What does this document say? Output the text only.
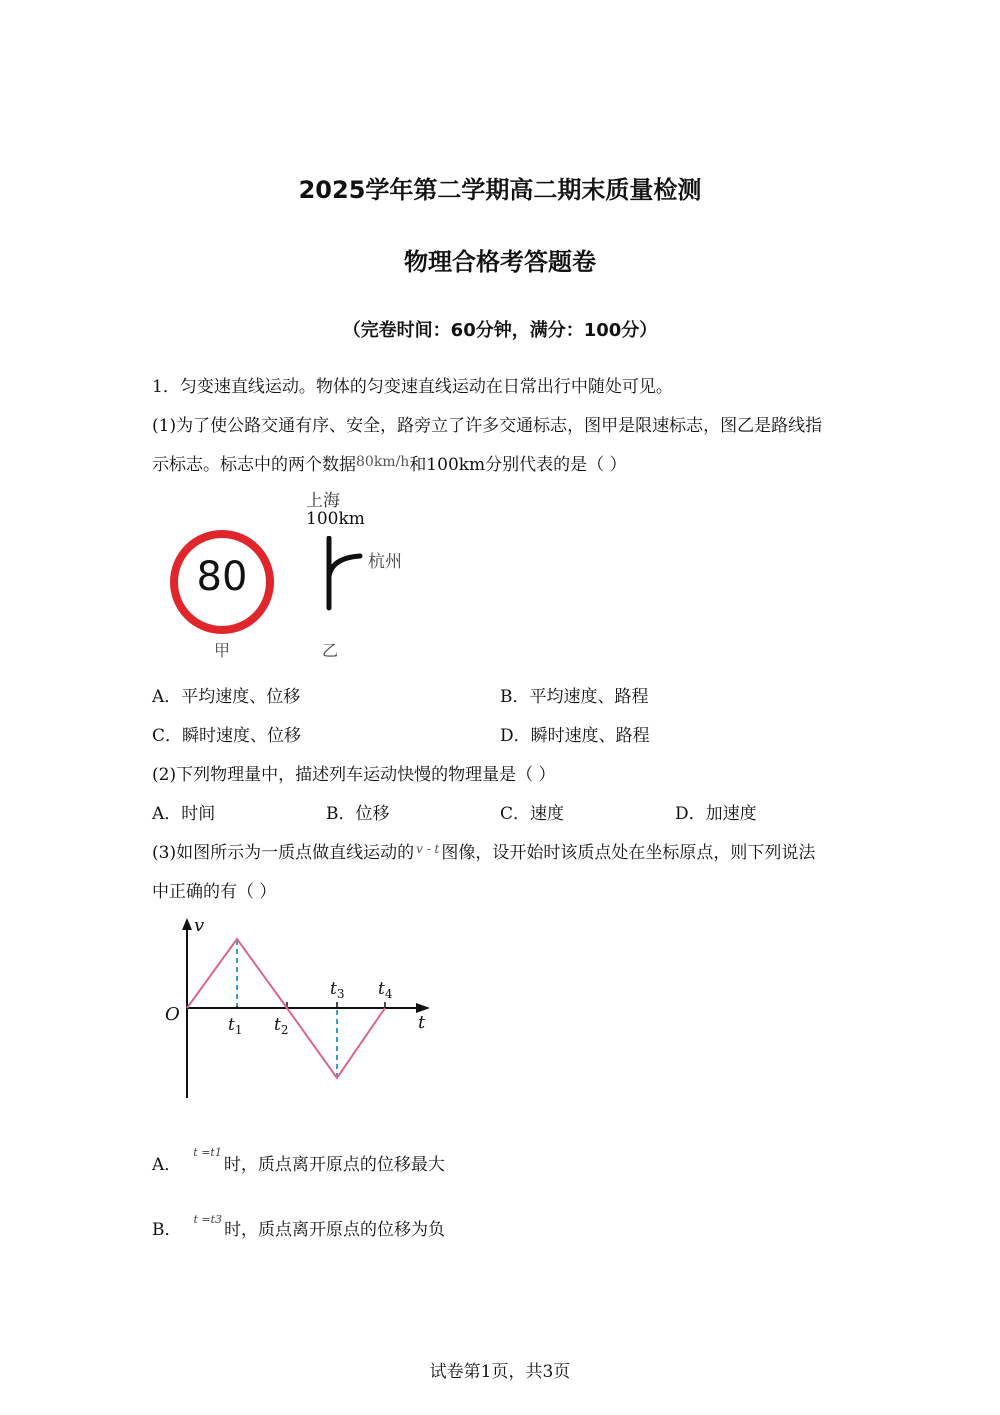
2025学年第二学期高二期末质量检测
物理合格考答题卷
（完卷时间：60分钟，满分：100分）
1．匀变速直线运动。物体的匀变速直线运动在日常出行中随处可见。
(1)为了使公路交通有序、安全，路旁立了许多交通标志，图甲是限速标志，图乙是路线指
示标志。标志中的两个数据$^{80km/h}$和100km分别代表的是（ ）
80
甲
上海
100km
杭州
乙
A．平均速度、位移	B．平均速度、路程
C．瞬时速度、位移	D．瞬时速度、路程
(2)下列物理量中，描述列车运动快慢的物理量是（ ）
A．时间	B．位移	C．速度	D．加速度
(3)如图所示为一质点做直线运动的 $^{v - t}$ 图像，设开始时该质点处在坐标原点，则下列说法
中正确的有（ ）
v
t
O	$t_1$ $t_2$
$t_3$ $t_4$
A．t =t1时，质点离开原点的位移最大
B．t =t3时，质点离开原点的位移为负
试卷第1页，共3页
